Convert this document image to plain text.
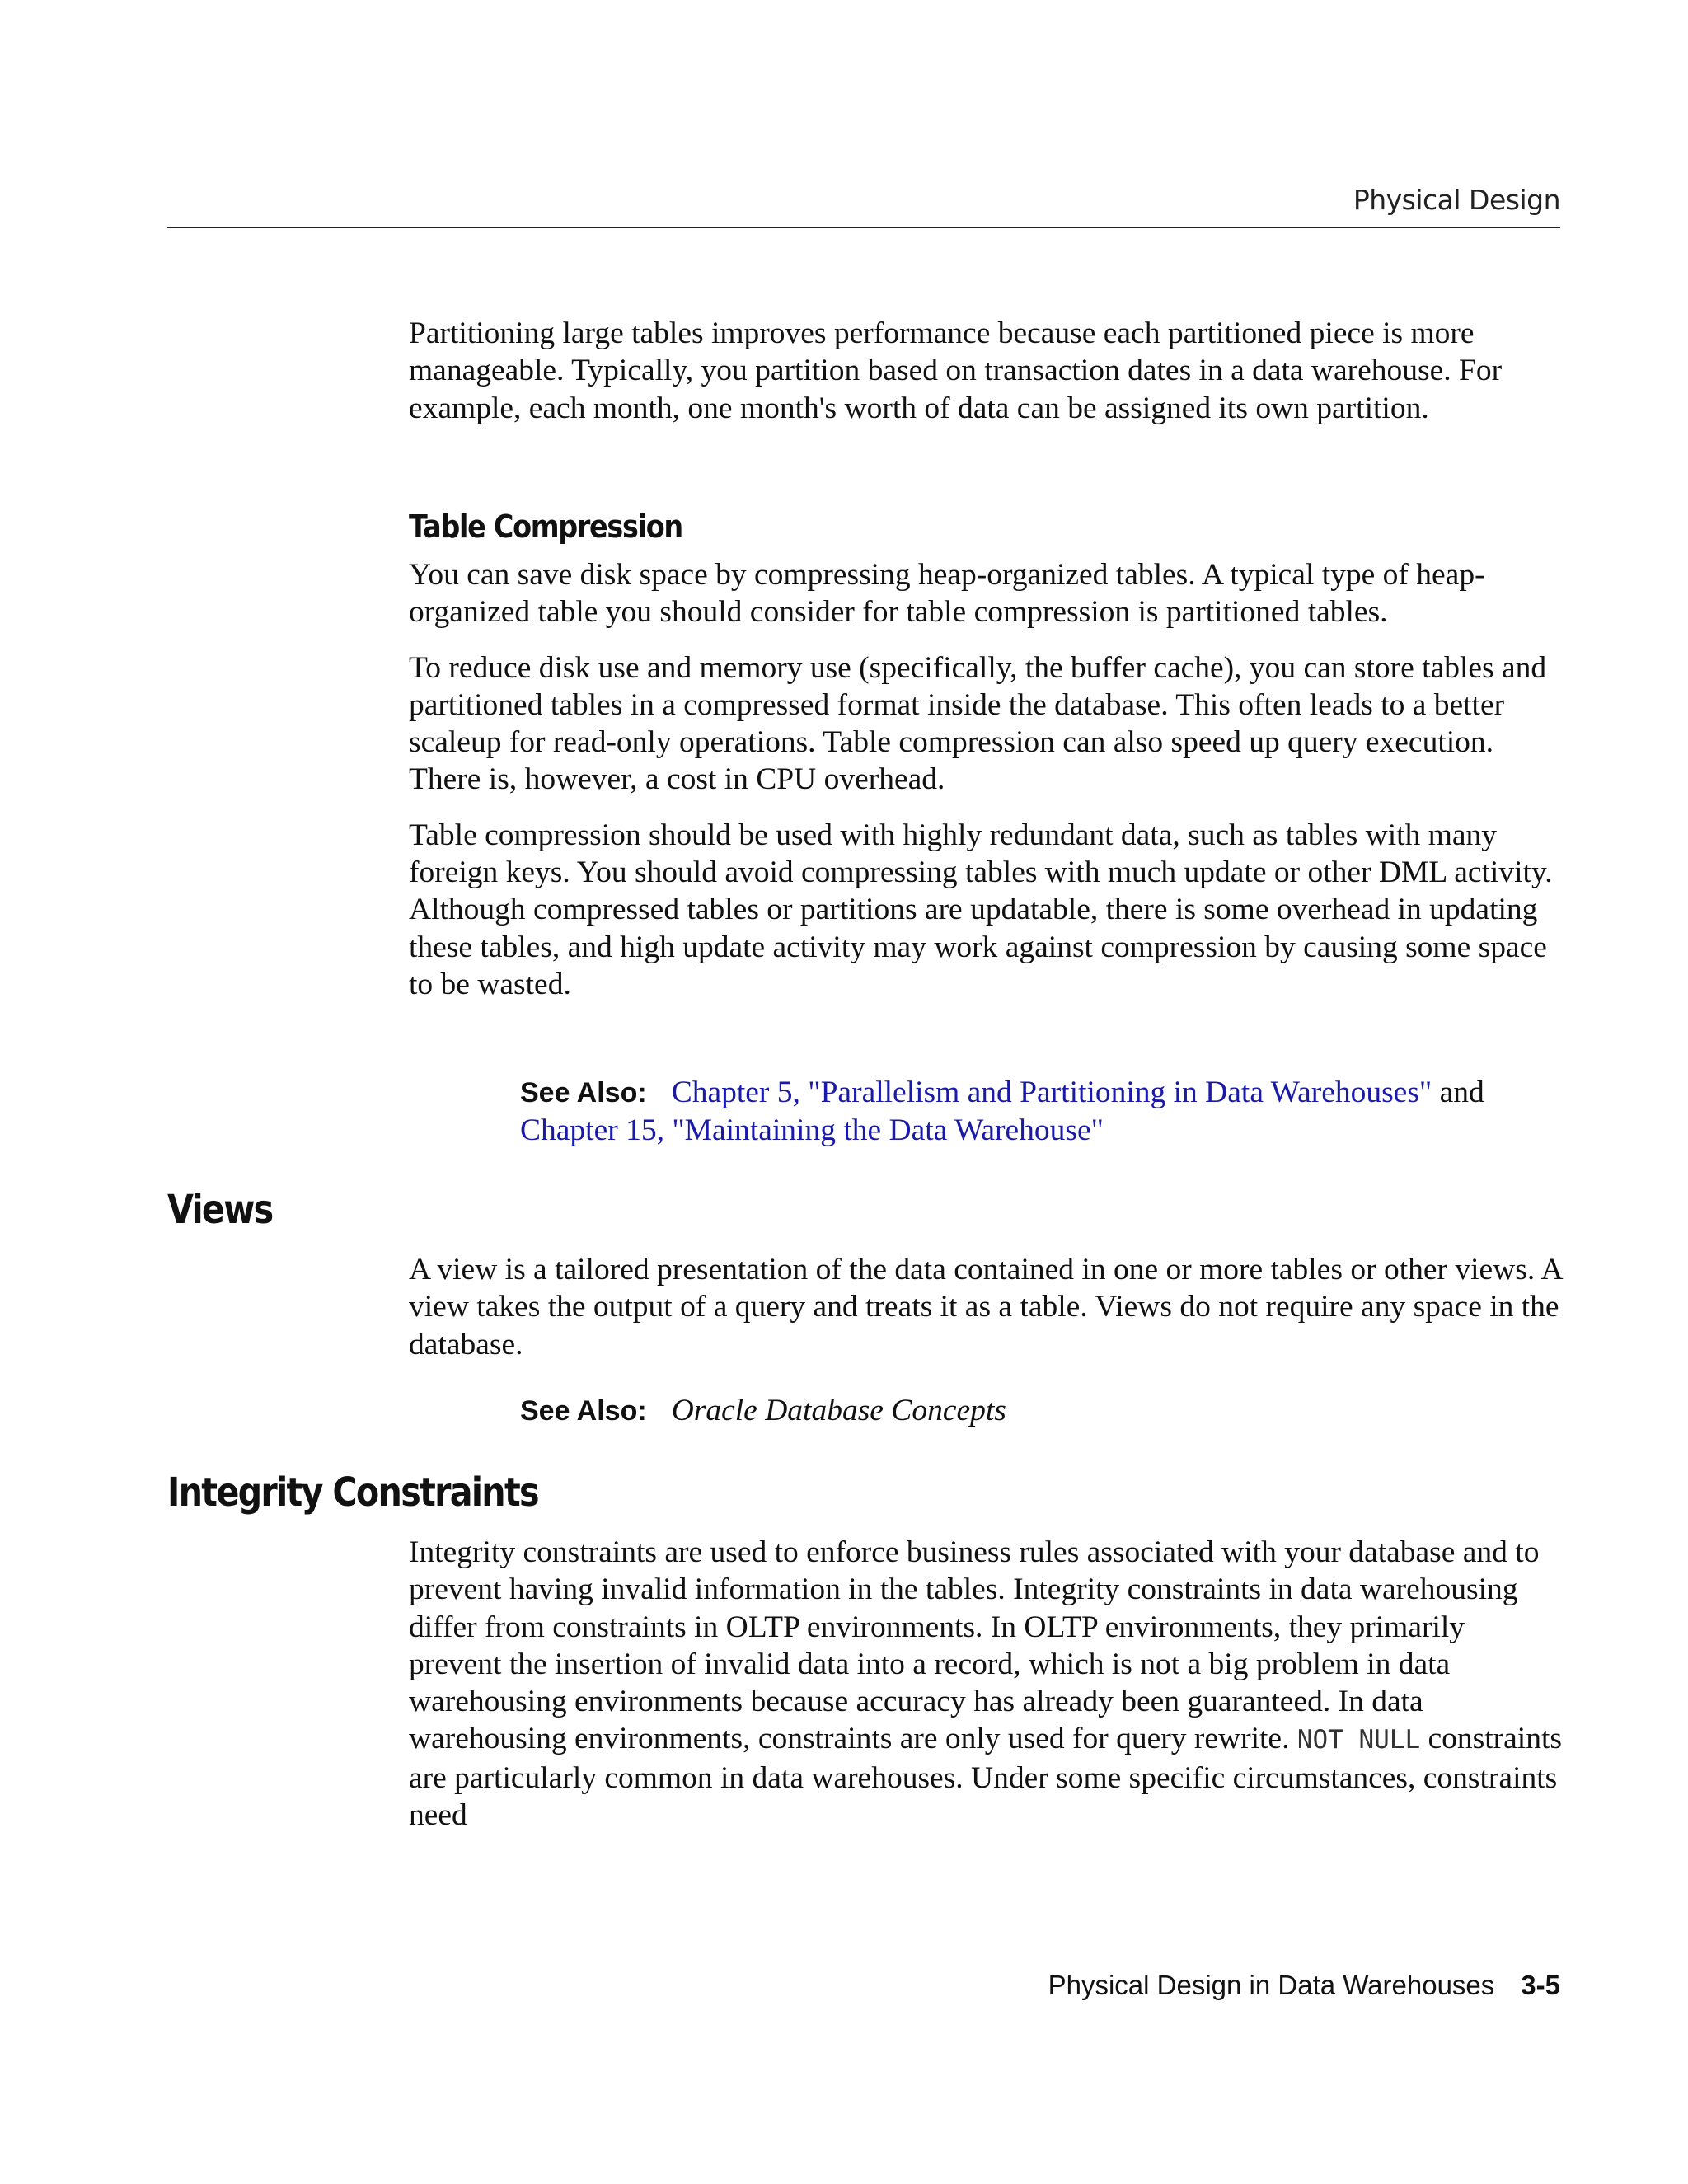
Physical Design

Partitioning large tables improves performance because each partitioned piece is more manageable. Typically, you partition based on transaction dates in a data warehouse. For example, each month, one month's worth of data can be assigned its own partition.

Table Compression

You can save disk space by compressing heap-organized tables. A typical type of heap-organized table you should consider for table compression is partitioned tables.

To reduce disk use and memory use (specifically, the buffer cache), you can store tables and partitioned tables in a compressed format inside the database. This often leads to a better scaleup for read-only operations. Table compression can also speed up query execution. There is, however, a cost in CPU overhead.

Table compression should be used with highly redundant data, such as tables with many foreign keys. You should avoid compressing tables with much update or other DML activity. Although compressed tables or partitions are updatable, there is some overhead in updating these tables, and high update activity may work against compression by causing some space to be wasted.

See Also: Chapter 5, "Parallelism and Partitioning in Data Warehouses" and Chapter 15, "Maintaining the Data Warehouse"
Views

A view is a tailored presentation of the data contained in one or more tables or other views. A view takes the output of a query and treats it as a table. Views do not require any space in the database.

See Also: Oracle Database Concepts
Integrity Constraints

Integrity constraints are used to enforce business rules associated with your database and to prevent having invalid information in the tables. Integrity constraints in data warehousing differ from constraints in OLTP environments. In OLTP environments, they primarily prevent the insertion of invalid data into a record, which is not a big problem in data warehousing environments because accuracy has already been guaranteed. In data warehousing environments, constraints are only used for query rewrite. NOT NULL constraints are particularly common in data warehouses. Under some specific circumstances, constraints need

Physical Design in Data Warehouses 3-5
